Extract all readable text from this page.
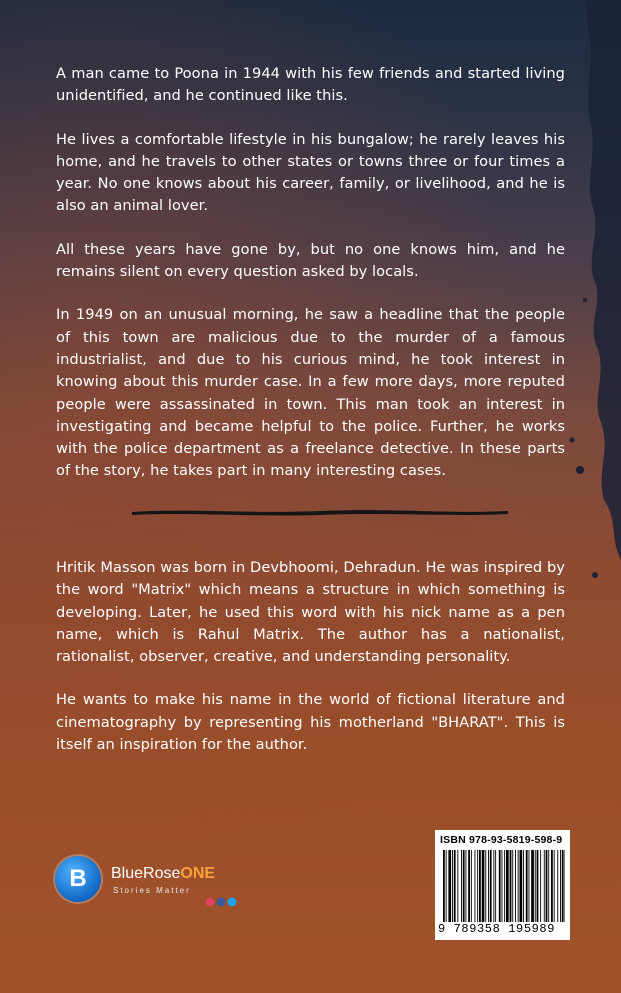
A man came to Poona in 1944 with his few friends and started living unidentified, and he continued like this.

He lives a comfortable lifestyle in his bungalow; he rarely leaves his home, and he travels to other states or towns three or four times a year. No one knows about his career, family, or livelihood, and he is also an animal lover.

All these years have gone by, but no one knows him, and he remains silent on every question asked by locals.

In 1949 on an unusual morning, he saw a headline that the people of this town are malicious due to the murder of a famous industrialist, and due to his curious mind, he took interest in knowing about this murder case. In a few more days, more reputed people were assassinated in town. This man took an interest in investigating and became helpful to the police. Further, he works with the police department as a freelance detective. In these parts of the story, he takes part in many interesting cases.

Hritik Masson was born in Devbhoomi, Dehradun. He was inspired by the word "Matrix" which means a structure in which something is developing. Later, he used this word with his nick name as a pen name, which is Rahul Matrix. The author has a nationalist, rationalist, observer, creative, and understanding personality.

He wants to make his name in the world of fictional literature and cinematography by representing his motherland "BHARAT". This is itself an inspiration for the author.

B	BlueRoseONE
Stories Matter
ISBN 978-93-5819-598-9
9 789358 195989
